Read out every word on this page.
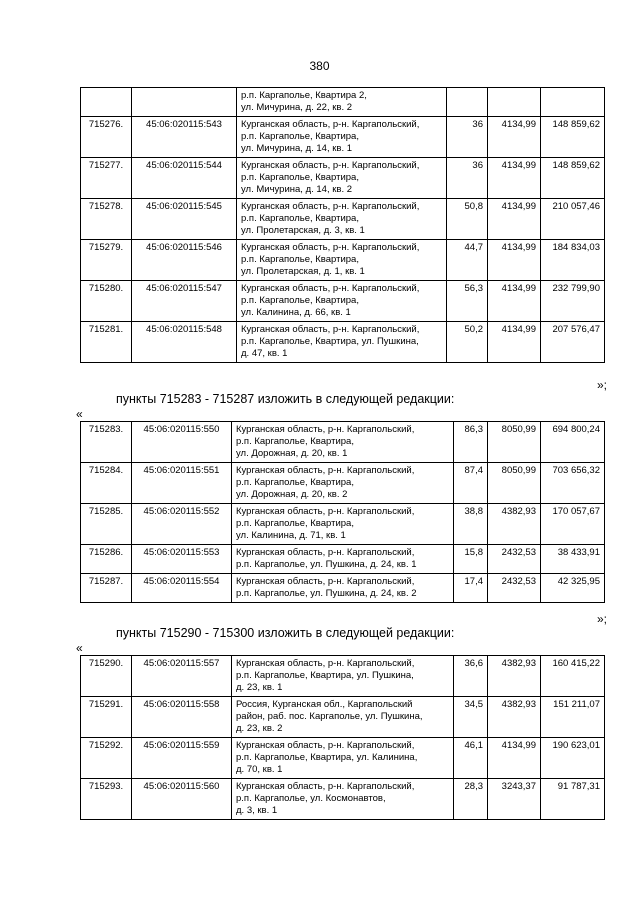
380

		р.п. Каргаполье, Квартира 2,
ул. Мичурина, д. 22, кв. 2			

715276.	45:06:020115:543	Курганская область, р-н. Каргапольский,
р.п. Каргаполье, Квартира,
ул. Мичурина, д. 14, кв. 1	36	4134,99	148 859,62
715277.	45:06:020115:544	Курганская область, р-н. Каргапольский,
р.п. Каргаполье, Квартира,
ул. Мичурина, д. 14, кв. 2	36	4134,99	148 859,62
715278.	45:06:020115:545	Курганская область, р-н. Каргапольский,
р.п. Каргаполье, Квартира,
ул. Пролетарская, д. 3, кв. 1	50,8	4134,99	210 057,46
715279.	45:06:020115:546	Курганская область, р-н. Каргапольский,
р.п. Каргаполье, Квартира,
ул. Пролетарская, д. 1, кв. 1	44,7	4134,99	184 834,03
715280.	45:06:020115:547	Курганская область, р-н. Каргапольский,
р.п. Каргаполье, Квартира,
ул. Калинина, д. 66, кв. 1	56,3	4134,99	232 799,90
715281.	45:06:020115:548	Курганская область, р-н. Каргапольский,
р.п. Каргаполье, Квартира, ул. Пушкина,
д. 47, кв. 1	50,2	4134,99	207 576,47
»;
пункты 715283 - 715287 изложить в следующей редакции:
«
715283.	45:06:020115:550	Курганская область, р-н. Каргапольский,
р.п. Каргаполье, Квартира,
ул. Дорожная, д. 20, кв. 1	86,3	8050,99	694 800,24
715284.	45:06:020115:551	Курганская область, р-н. Каргапольский,
р.п. Каргаполье, Квартира,
ул. Дорожная, д. 20, кв. 2	87,4	8050,99	703 656,32
715285.	45:06:020115:552	Курганская область, р-н. Каргапольский,
р.п. Каргаполье, Квартира,
ул. Калинина, д. 71, кв. 1	38,8	4382,93	170 057,67
715286.	45:06:020115:553	Курганская область, р-н. Каргапольский,
р.п. Каргаполье, ул. Пушкина, д. 24, кв. 1	15,8	2432,53	38 433,91
715287.	45:06:020115:554	Курганская область, р-н. Каргапольский,
р.п. Каргаполье, ул. Пушкина, д. 24, кв. 2	17,4	2432,53	42 325,95
»;
пункты 715290 - 715300 изложить в следующей редакции:
«
715290.	45:06:020115:557	Курганская область, р-н. Каргапольский,
р.п. Каргаполье, Квартира, ул. Пушкина,
д. 23, кв. 1	36,6	4382,93	160 415,22
715291.	45:06:020115:558	Россия, Курганская обл., Каргапольский
район, раб. пос. Каргаполье, ул. Пушкина,
д. 23, кв. 2	34,5	4382,93	151 211,07
715292.	45:06:020115:559	Курганская область, р-н. Каргапольский,
р.п. Каргаполье, Квартира, ул. Калинина,
д. 70, кв. 1	46,1	4134,99	190 623,01
715293.	45:06:020115:560	Курганская область, р-н. Каргапольский,
р.п. Каргаполье, ул. Космонавтов,
д. 3, кв. 1	28,3	3243,37	91 787,31
